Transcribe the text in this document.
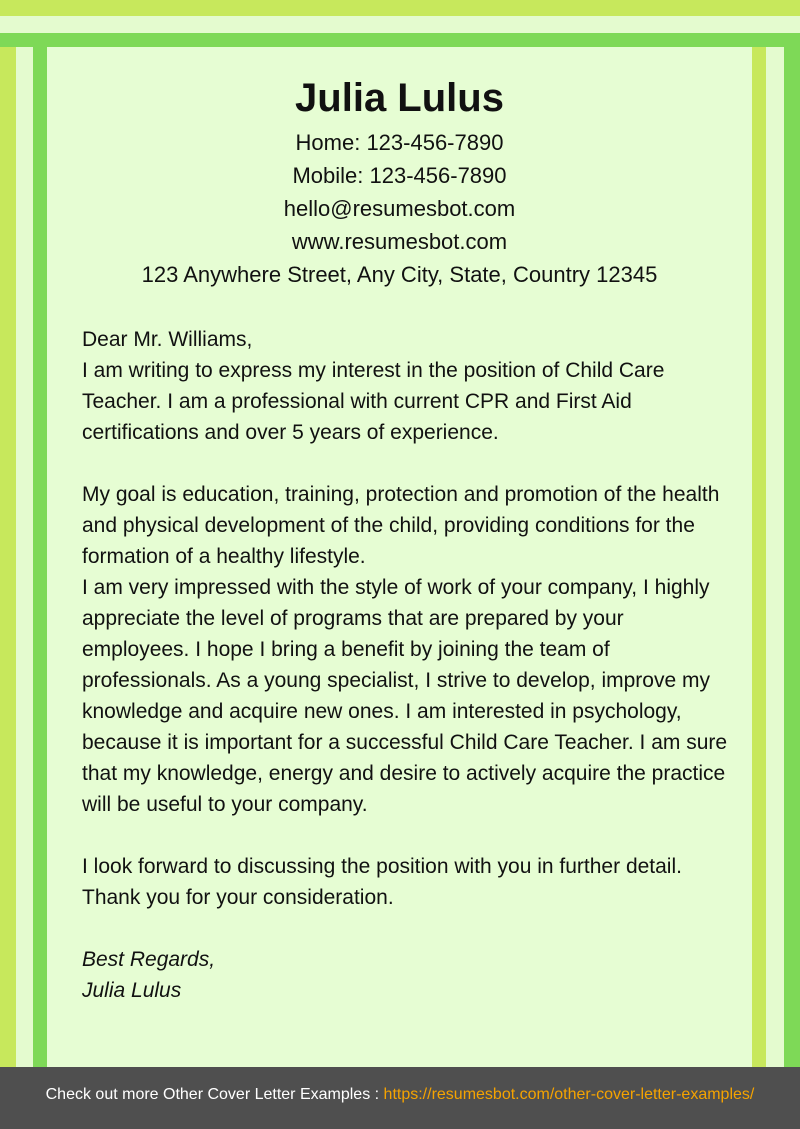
Julia Lulus
Home: 123-456-7890
Mobile: 123-456-7890
hello@resumesbot.com
www.resumesbot.com
123 Anywhere Street, Any City, State, Country 12345

Dear Mr. Williams,

I am writing to express my interest in the position of Child Care Teacher. I am a professional with current CPR and First Aid certifications and over 5 years of experience.

My goal is education, training, protection and promotion of the health and physical development of the child, providing conditions for the formation of a healthy lifestyle.

I am very impressed with the style of work of your company, I highly appreciate the level of programs that are prepared by your employees. I hope I bring a benefit by joining the team of professionals. As a young specialist, I strive to develop, improve my knowledge and acquire new ones. I am interested in psychology, because it is important for a successful Child Care Teacher. I am sure that my knowledge, energy and desire to actively acquire the practice will be useful to your company.

I look forward to discussing the position with you in further detail. Thank you for your consideration.

Best Regards,

Julia Lulus

Check out more Other Cover Letter Examples : https://resumesbot.com/other-cover-letter-examples/
